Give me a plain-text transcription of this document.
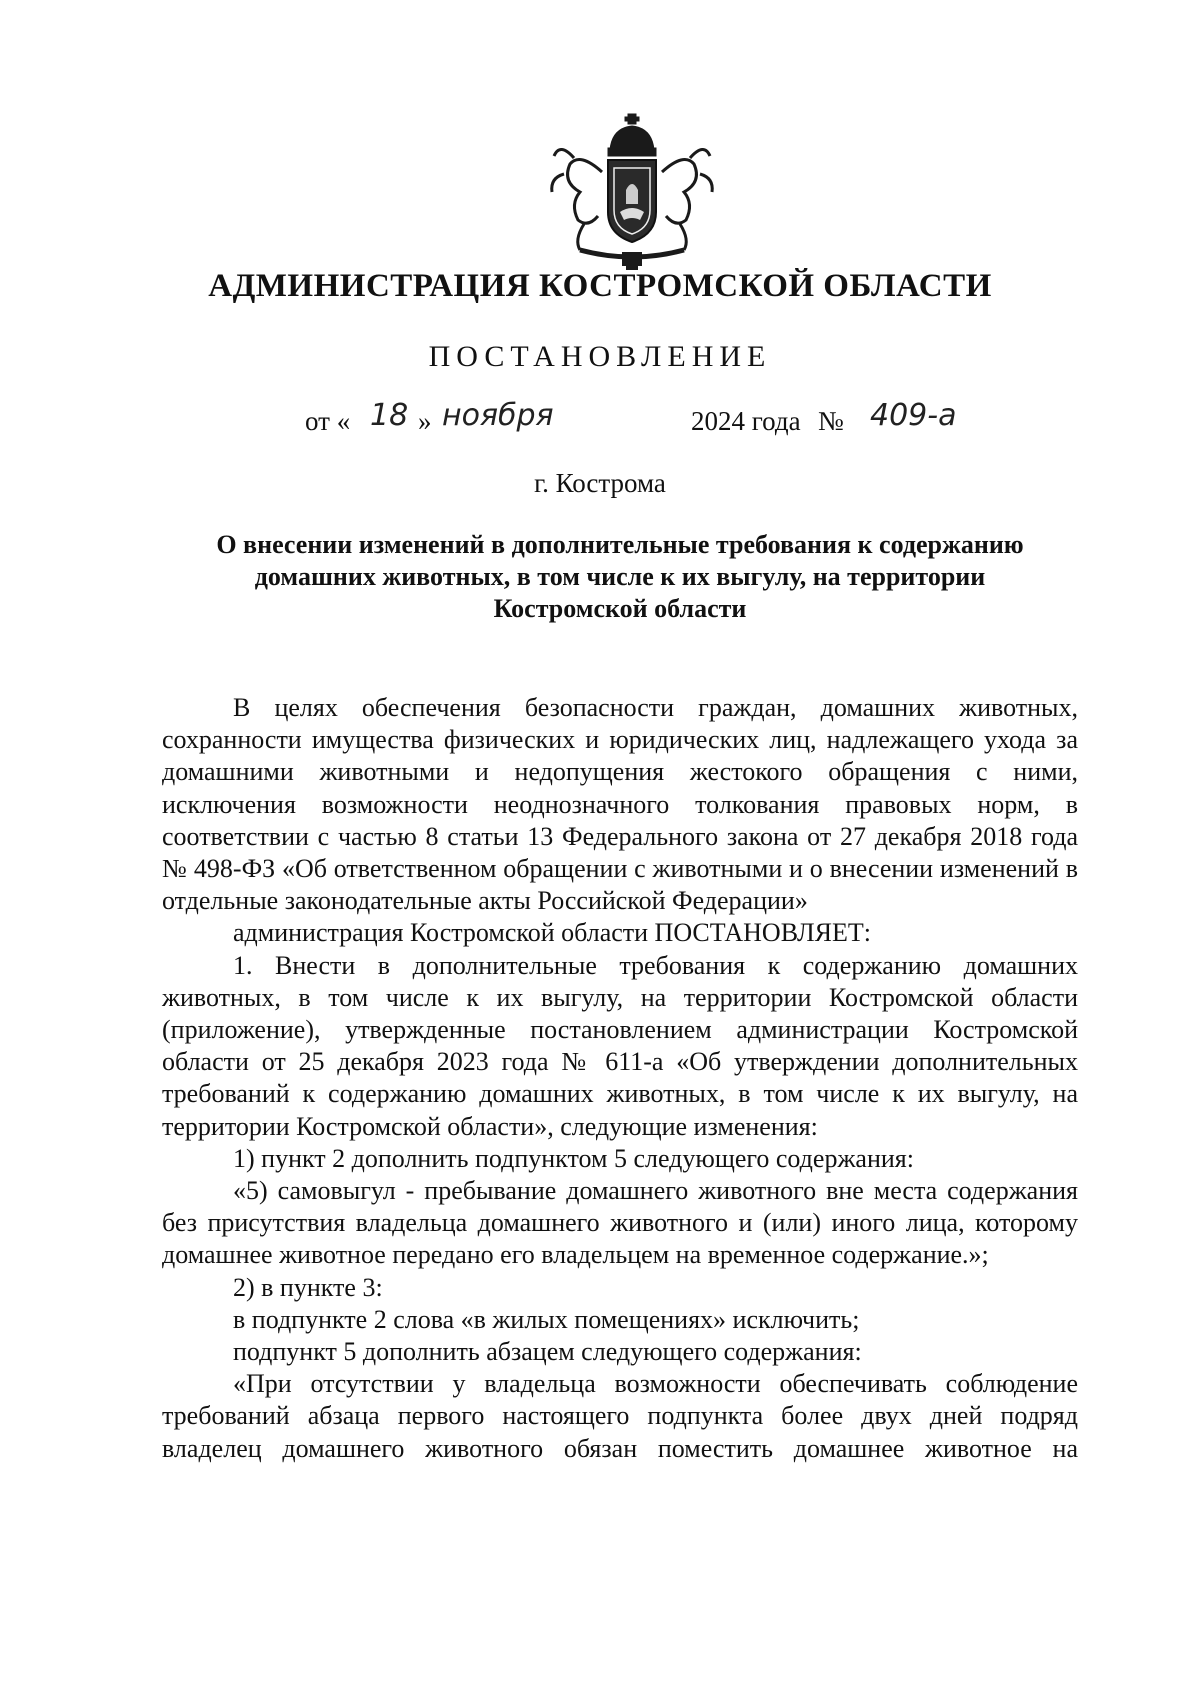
АДМИНИСТРАЦИЯ КОСТРОМСКОЙ ОБЛАСТИ
ПОСТАНОВЛЕНИЕ
от « 18 » ноября	2024 года № 409-а
г. Кострома
О внесении изменений в дополнительные требования к содержанию
домашних животных, в том числе к их выгулу, на территории
Костромской области

В целях обеспечения безопасности граждан, домашних животных, сохранности имущества физических и юридических лиц, надлежащего ухода за домашними животными и недопущения жестокого обращения с ними, исключения возможности неоднозначного толкования правовых норм, в соответствии с частью 8 статьи 13 Федерального закона от 27 декабря 2018 года № 498-ФЗ «Об ответственном обращении с животными и о внесении изменений в отдельные законодательные акты Российской Федерации»

администрация Костромской области ПОСТАНОВЛЯЕТ:

1. Внести в дополнительные требования к содержанию домашних животных, в том числе к их выгулу, на территории Костромской области (приложение), утвержденные постановлением администрации Костромской области от 25 декабря 2023 года № 611-а «Об утверждении дополнительных требований к содержанию домашних животных, в том числе к их выгулу, на территории Костромской области», следующие изменения:

1) пункт 2 дополнить подпунктом 5 следующего содержания:

«5) самовыгул - пребывание домашнего животного вне места содержания без присутствия владельца домашнего животного и (или) иного лица, которому домашнее животное передано его владельцем на временное содержание.»;

2) в пункте 3:

в подпункте 2 слова «в жилых помещениях» исключить;

подпункт 5 дополнить абзацем следующего содержания:

«При отсутствии у владельца возможности обеспечивать соблюдение требований абзаца первого настоящего подпункта более двух дней подряд владелец домашнего животного обязан поместить домашнее животное на
